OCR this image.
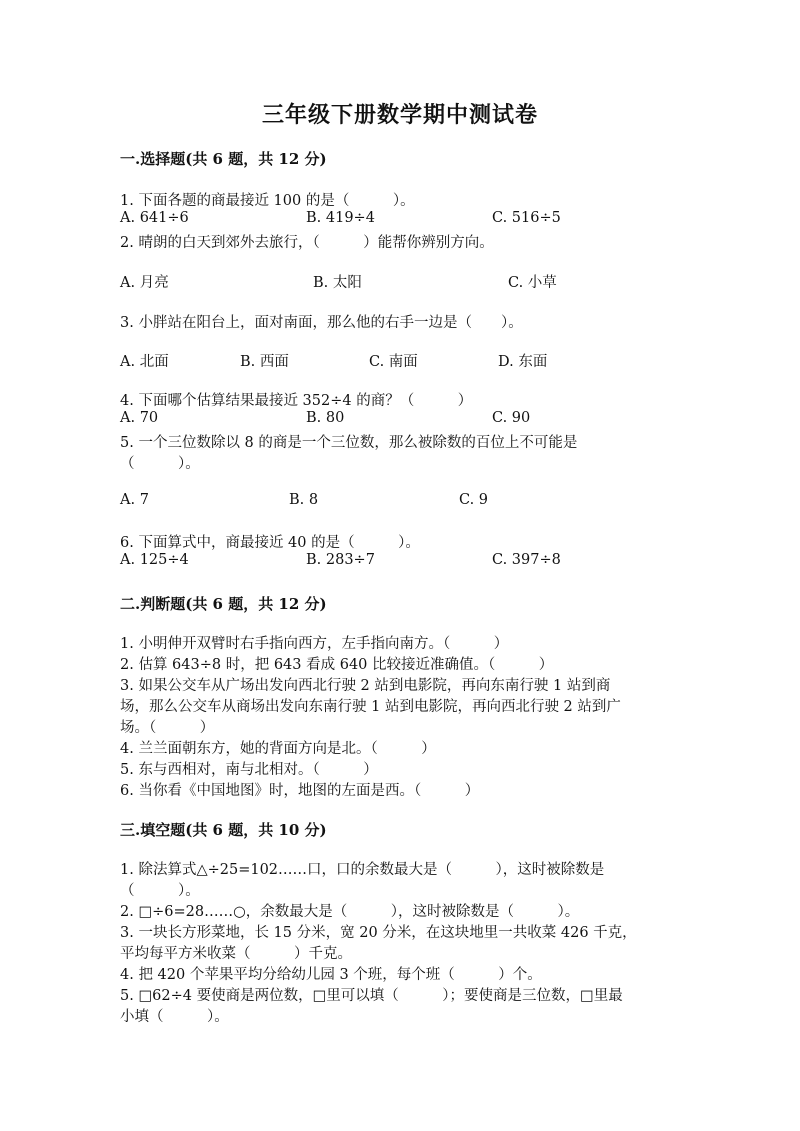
三年级下册数学期中测试卷
一.选择题(共 6 题，共 12 分)
1. 下面各题的商最接近 100 的是（　　　）。
A. 641÷6	B. 419÷4	C. 516÷5
2. 晴朗的白天到郊外去旅行，（　　　）能帮你辨别方向。
A. 月亮	B. 太阳	C. 小草
3. 小胖站在阳台上，面对南面，那么他的右手一边是（　　）。
A. 北面	B. 西面	C. 南面	D. 东面
4. 下面哪个估算结果最接近 352÷4 的商？（　　　）
A. 70	B. 80	C. 90
5. 一个三位数除以 8 的商是一个三位数，那么被除数的百位上不可能是
（　　　）。
A. 7	B. 8	C. 9
6. 下面算式中，商最接近 40 的是（　　　）。
A. 125÷4	B. 283÷7	C. 397÷8
二.判断题(共 6 题，共 12 分)
1. 小明伸开双臂时右手指向西方，左手指向南方。（　　　）
2. 估算 643÷8 时，把 643 看成 640 比较接近准确值。（　　　）
3. 如果公交车从广场出发向西北行驶 2 站到电影院，再向东南行驶 1 站到商
场，那么公交车从商场出发向东南行驶 1 站到电影院，再向西北行驶 2 站到广
场。（　　　）
4. 兰兰面朝东方，她的背面方向是北。（　　　）
5. 东与西相对，南与北相对。（　　　）
6. 当你看《中国地图》时，地图的左面是西。（　　　）
三.填空题(共 6 题，共 10 分)
1. 除法算式△÷25=102……口，口的余数最大是（　　　），这时被除数是
（　　　）。
2. □÷6=28……○，余数最大是（　　　），这时被除数是（　　　）。
3. 一块长方形菜地，长 15 分米，宽 20 分米，在这块地里一共收菜 426 千克，
平均每平方米收菜（　　　）千克。
4. 把 420 个苹果平均分给幼儿园 3 个班，每个班（　　　）个。
5. □62÷4 要使商是两位数，□里可以填（　　　）；要使商是三位数，□里最
小填（　　　）。
